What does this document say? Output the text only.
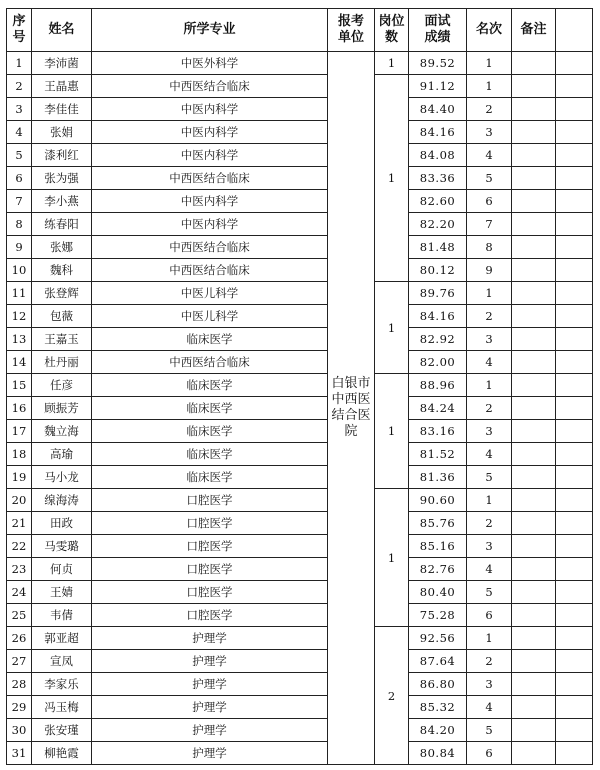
序号	姓名	所学专业	报考单位	岗位数	面试成绩	名次	备注	
1	李沛菌	中医外科学	白银市中西医结合医院	1	89.52	1		
2	王晶惠	中西医结合临床		1	91.12	1		
3	李佳佳	中医内科学			84.40	2		
4	张娟	中医内科学			84.16	3		
5	漆利红	中医内科学			84.08	4		
6	张为强	中西医结合临床			83.36	5		
7	李小燕	中医内科学			82.60	6		
8	练春阳	中医内科学			82.20	7		
9	张娜	中西医结合临床			81.48	8		
10	魏科	中西医结合临床			80.12	9		
11	张登辉	中医儿科学		1	89.76	1		
12	包薇	中医儿科学			84.16	2		
13	王嘉玉	临床医学			82.92	3		
14	杜丹丽	中西医结合临床			82.00	4		
15	任彦	临床医学		1	88.96	1		
16	顾振芳	临床医学			84.24	2		
17	魏立海	临床医学			83.16	3		
18	高瑜	临床医学			81.52	4		
19	马小龙	临床医学			81.36	5		
20	缐海涛	口腔医学		1	90.60	1		
21	田政	口腔医学			85.76	2		
22	马雯璐	口腔医学			85.16	3		
23	何贞	口腔医学			82.76	4		
24	王婧	口腔医学			80.40	5		
25	韦倩	口腔医学			75.28	6		
26	郭亚超	护理学		2	92.56	1		
27	宣凤	护理学			87.64	2		
28	李家乐	护理学			86.80	3		
29	冯玉梅	护理学			85.32	4		
30	张安瑾	护理学			84.20	5		
31	柳艳霞	护理学			80.84	6		
